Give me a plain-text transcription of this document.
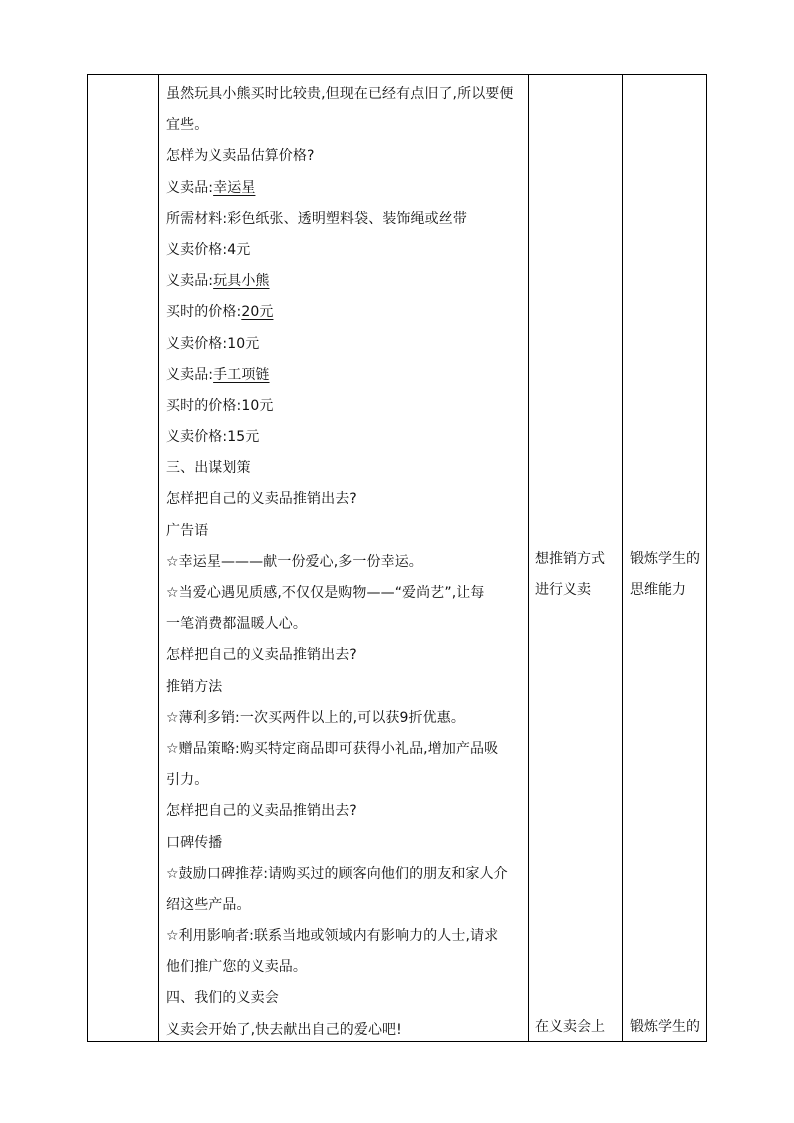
虽然玩具小熊买时比较贵,但现在已经有点旧了,所以要便
宜些。
怎样为义卖品估算价格?
义卖品:幸运星
所需材料:彩色纸张、透明塑料袋、装饰绳或丝带
义卖价格:4元
义卖品:玩具小熊
买时的价格:20元
义卖价格:10元
义卖品:手工项链
买时的价格:10元
义卖价格:15元
三、出谋划策
怎样把自己的义卖品推销出去?
广告语
☆幸运星———献一份爱心,多一份幸运。
☆当爱心遇见质感,不仅仅是购物——“爱尚艺”,让每
一笔消费都温暖人心。
怎样把自己的义卖品推销出去?
推销方法
☆薄利多销:一次买两件以上的,可以获9折优惠。
☆赠品策略:购买特定商品即可获得小礼品,增加产品吸
引力。
怎样把自己的义卖品推销出去?
口碑传播
☆鼓励口碑推荐:请购买过的顾客向他们的朋友和家人介
绍这些产品。
☆利用影响者:联系当地或领域内有影响力的人士,请求
他们推广您的义卖品。
四、我们的义卖会
义卖会开始了,快去献出自己的爱心吧!
想推销方式
进行义卖
在义卖会上
锻炼学生的
思维能力
锻炼学生的
